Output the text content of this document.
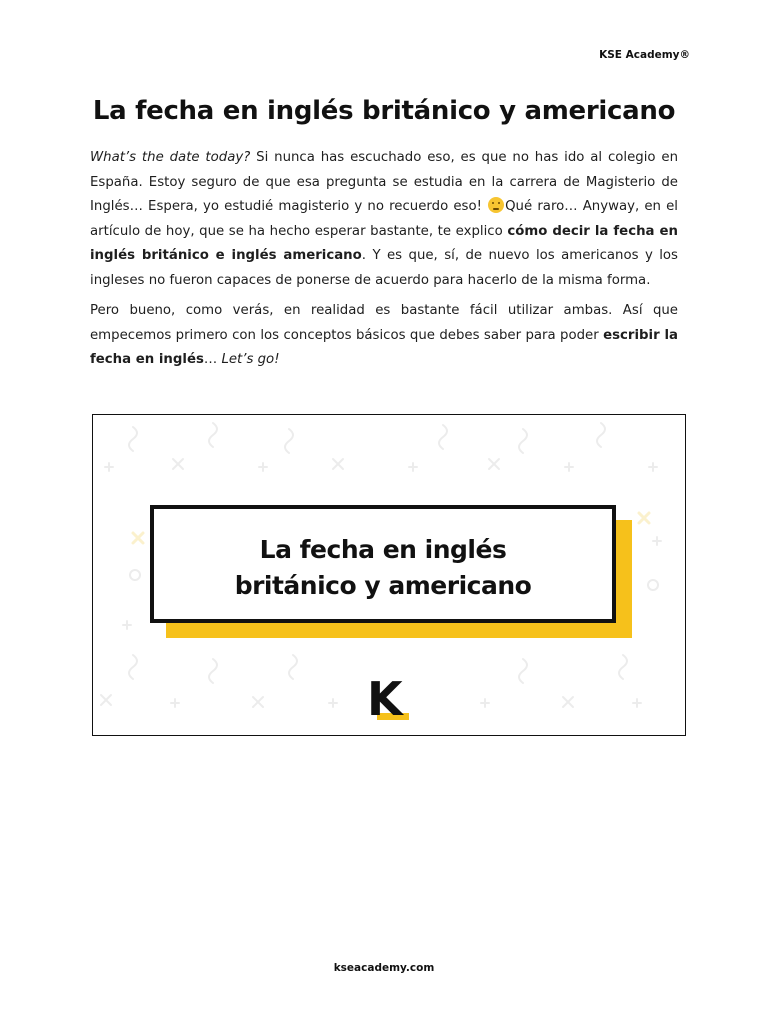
KSE Academy®
La fecha en inglés británico y americano
What’s the date today? Si nunca has escuchado eso, es que no has ido al colegio en España. Estoy seguro de que esa pregunta se estudia en la carrera de Magisterio de Inglés… Espera, yo estudié magisterio y no recuerdo eso! Qué raro… Anyway, en el artículo de hoy, que se ha hecho esperar bastante, te explico cómo decir la fecha en inglés británico e inglés americano. Y es que, sí, de nuevo los americanos y los ingleses no fueron capaces de ponerse de acuerdo para hacerlo de la misma forma.
Pero bueno, como verás, en realidad es bastante fácil utilizar ambas. Así que empecemos primero con los conceptos básicos que debes saber para poder escribir la fecha en inglés… Let’s go!
La fecha en inglés
británico y americano
K
kseacademy.com
